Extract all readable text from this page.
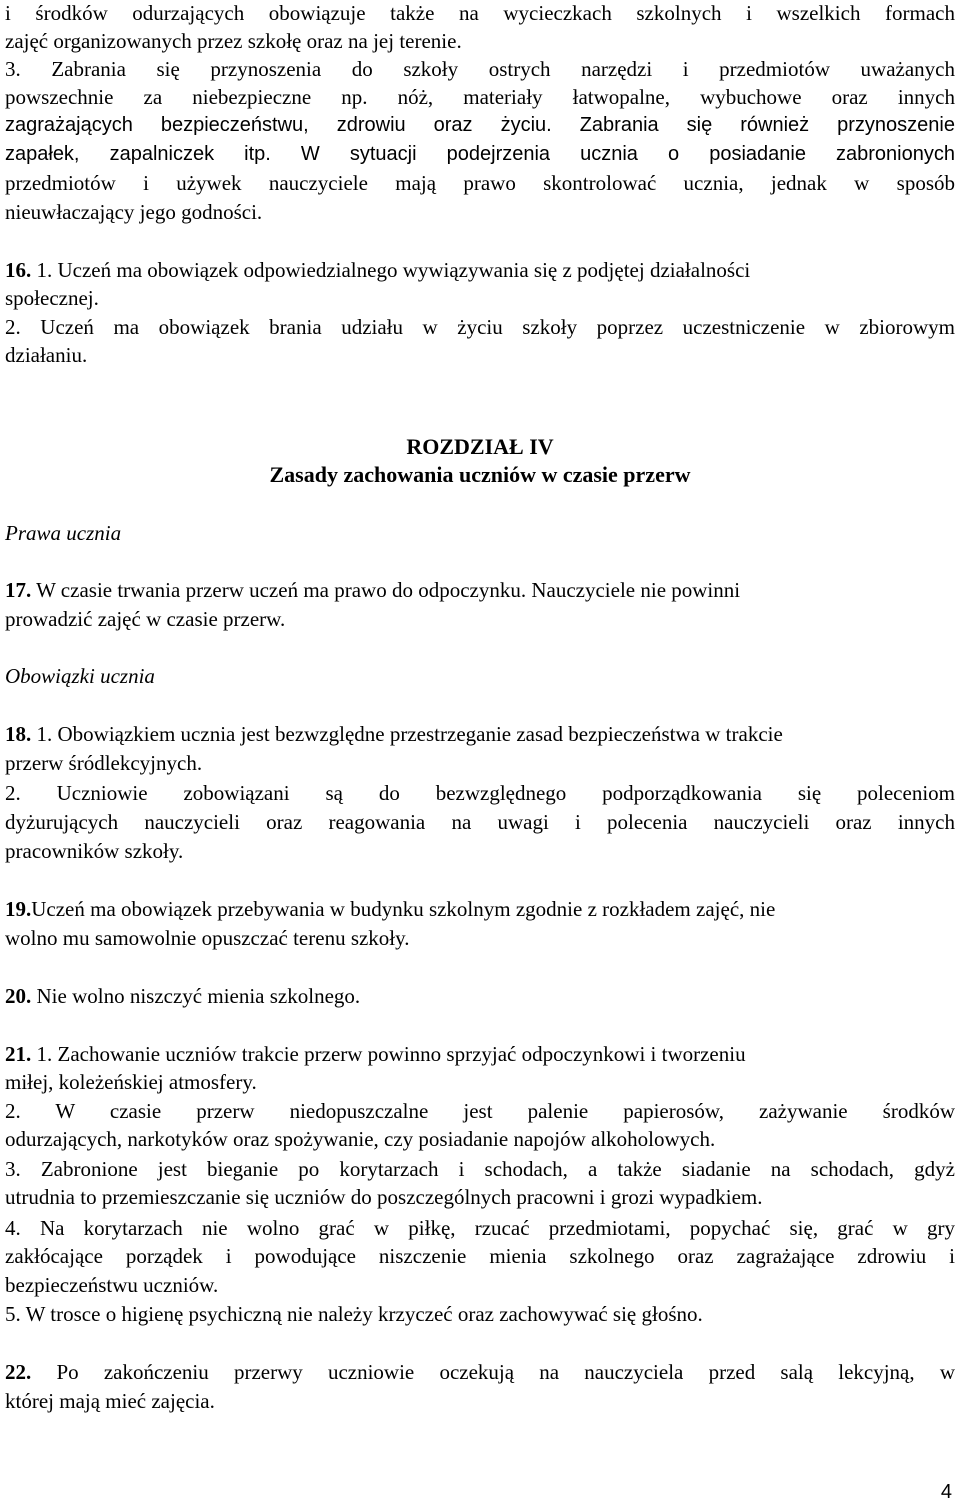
i środków odurzających obowiązuje także na wycieczkach szkolnych i wszelkich formach

zajęć organizowanych przez szkołę oraz na jej terenie.

3. Zabrania się przynoszenia do szkoły ostrych narzędzi i przedmiotów uważanych

powszechnie za niebezpieczne np. nóż, materiały łatwopalne, wybuchowe oraz innych

zagrażających bezpieczeństwu, zdrowiu oraz życiu. Zabrania się również przynoszenie

zapałek, zapalniczek itp. W sytuacji podejrzenia ucznia o posiadanie zabronionych

przedmiotów i używek nauczyciele mają prawo skontrolować ucznia, jednak w sposób

nieuwłaczający jego godności.

16. 1. Uczeń ma obowiązek odpowiedzialnego wywiązywania się z podjętej działalności

społecznej.

2. Uczeń ma obowiązek brania udziału w życiu szkoły poprzez uczestniczenie w zbiorowym

działaniu.

ROZDZIAŁ IV

Zasady zachowania uczniów w czasie przerw

Prawa ucznia

17. W czasie trwania przerw uczeń ma prawo do odpoczynku. Nauczyciele nie powinni

prowadzić zajęć w czasie przerw.

Obowiązki ucznia

18. 1. Obowiązkiem ucznia jest bezwzględne przestrzeganie zasad bezpieczeństwa w trakcie

przerw śródlekcyjnych.

2. Uczniowie zobowiązani są do bezwzględnego podporządkowania się poleceniom

dyżurujących nauczycieli oraz reagowania na uwagi i polecenia nauczycieli oraz innych

pracowników szkoły.

19.Uczeń ma obowiązek przebywania w budynku szkolnym zgodnie z rozkładem zajęć, nie

wolno mu samowolnie opuszczać terenu szkoły.

20. Nie wolno niszczyć mienia szkolnego.

21. 1. Zachowanie uczniów trakcie przerw powinno sprzyjać odpoczynkowi i tworzeniu

miłej, koleżeńskiej atmosfery.

2. W czasie przerw niedopuszczalne jest palenie papierosów, zażywanie środków

odurzających, narkotyków oraz spożywanie, czy posiadanie napojów alkoholowych.

3. Zabronione jest bieganie po korytarzach i schodach, a także siadanie na schodach, gdyż

utrudnia to przemieszczanie się uczniów do poszczególnych pracowni i grozi wypadkiem.

4. Na korytarzach nie wolno grać w piłkę, rzucać przedmiotami, popychać się, grać w gry

zakłócające porządek i powodujące niszczenie mienia szkolnego oraz zagrażające zdrowiu i

bezpieczeństwu uczniów.

5. W trosce o higienę psychiczną nie należy krzyczeć oraz zachowywać się głośno.

22. Po zakończeniu przerwy uczniowie oczekują na nauczyciela przed salą lekcyjną, w

której mają mieć zajęcia.

4
